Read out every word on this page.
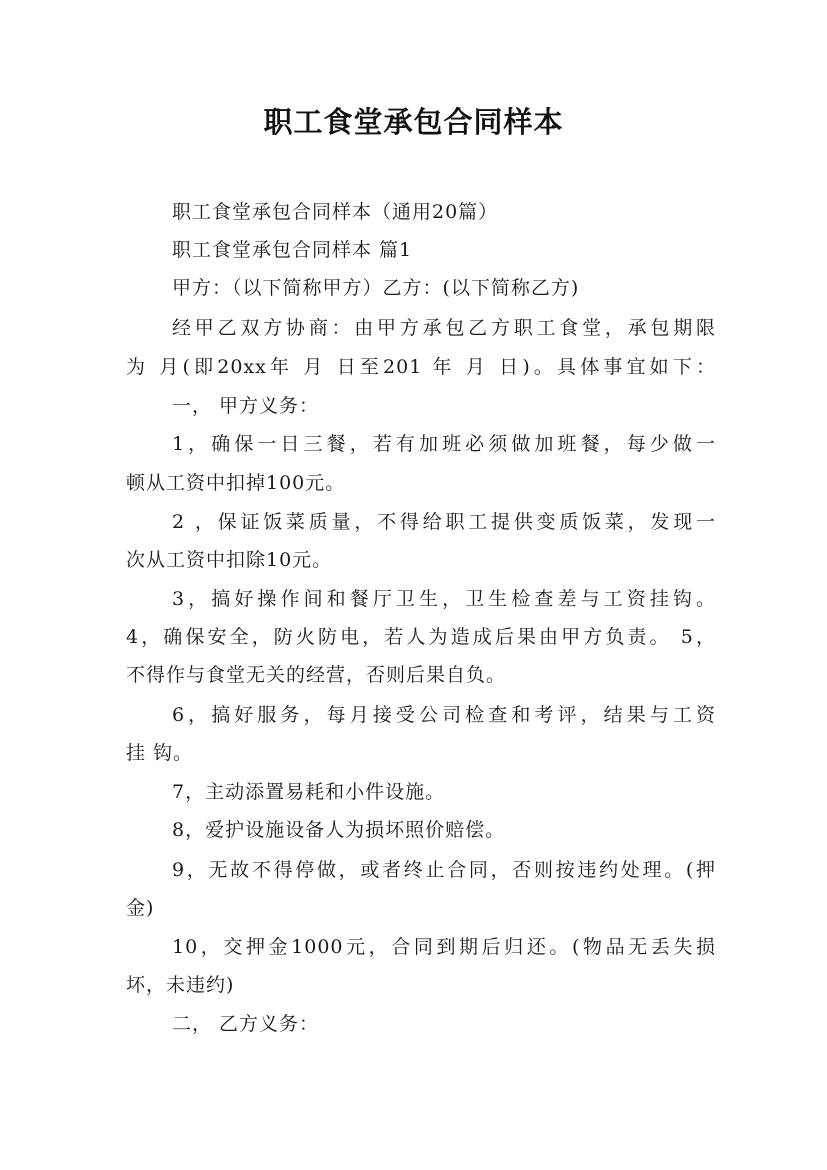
职工食堂承包合同样本
职工食堂承包合同样本（通用20篇）
职工食堂承包合同样本 篇1
甲方：（以下简称甲方）乙方：(以下简称乙方)
经甲乙双方协商：由甲方承包乙方职工食堂，承包期限
为 月(即20xx年 月 日至201 年 月 日)。具体事宜如下：
一， 甲方义务：
1，确保一日三餐，若有加班必须做加班餐，每少做一
顿从工资中扣掉100元。
2 ，保证饭菜质量，不得给职工提供变质饭菜，发现一
次从工资中扣除10元。
3，搞好操作间和餐厅卫生，卫生检查差与工资挂钩。
4，确保安全，防火防电，若人为造成后果由甲方负责。 5，
不得作与食堂无关的经营，否则后果自负。
6，搞好服务，每月接受公司检查和考评，结果与工资
挂 钩。
7，主动添置易耗和小件设施。
8，爱护设施设备人为损坏照价赔偿。
9，无故不得停做，或者终止合同，否则按违约处理。(押
金)
10，交押金1000元，合同到期后归还。(物品无丢失损
坏，未违约)
二， 乙方义务：
